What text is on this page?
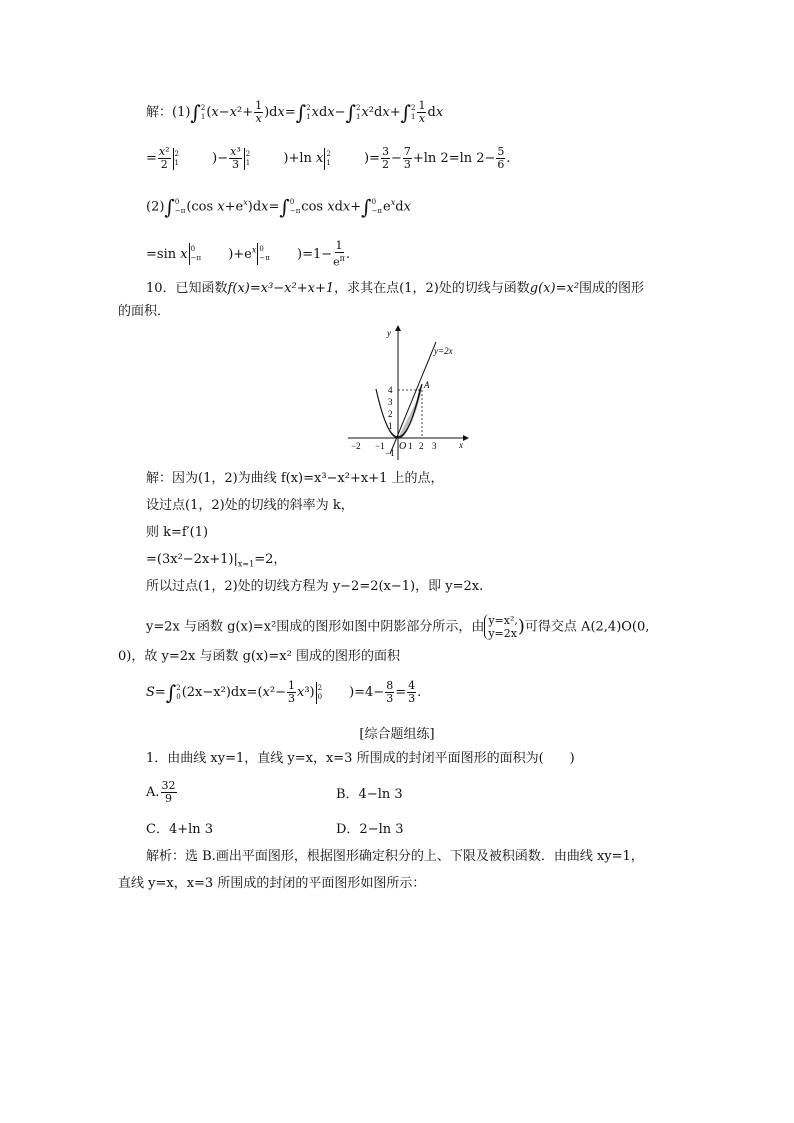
解：(1)∫ 2
1 $(x-x^2+ \frac{1}{x} )dx=\int$ 2
1 xdx−∫ 2
1 x²dx+∫ 2
$1 \frac{1}{x}$ dx
= $\frac{\text{x²}}{2} 2$
1	)− $\frac{\text{x³}}{3} 2$
1	)+ln x 2
1	)= $\frac{3}{2} - \frac{7}{3} +\ln$ 2=ln $2- \frac{5}{6}$ .
(2)∫ 0
−π (cos $x+e^x)dx=\int$ 0
−π cos xdx+∫ 0
−π $e^xdx$
=sin x 0
−π )$+e^x$ 0
−π )$=1- \frac{1}{e^\pi}$ .
10．已知函数f(x)=x³−x²+x+1，求其在点(1，2)处的切线与函数g(x)=x²围成的图形
的面积．
−2 −1	1 2 3
4
3
2
1
−1
O	x
y
A
y=2x
解：因为(1，2)为曲线 f(x)=x³−x²+x+1 上的点，
设过点(1，2)处的切线的斜率为 k，
则 k=f′(1)
$=(3x^2-2x+1)|_{x=1}=2$，
所以过点(1，2)处的切线方程为 y−2=2(x−1)，即 y=2x.
y=2x 与函数 g(x)=x²围成的图形如图中阴影部分所示，由 y=x²,
y=2x )可得交点 A(2,4)O(0,
0)，故 y=2x 与函数 g(x)=x² 围成的图形的面积
S=∫ 2
0 $(2x-x^2)dx=(x^2- \frac{1}{3} x^3)$ 2
0 )$=4- \frac{8}{3} = \frac{4}{3}$ .
[综合题组练]
1．由曲线 xy=1，直线 y=x，x=3 所围成的封闭平面图形的面积为(　　)
A. $\frac{32}{9}$	B．4−ln 3
C．4+ln 3	D．2−ln 3
解析：选 B.画出平面图形，根据图形确定积分的上、下限及被积函数．由曲线 xy=1，
直线 y=x，x=3 所围成的封闭的平面图形如图所示：
